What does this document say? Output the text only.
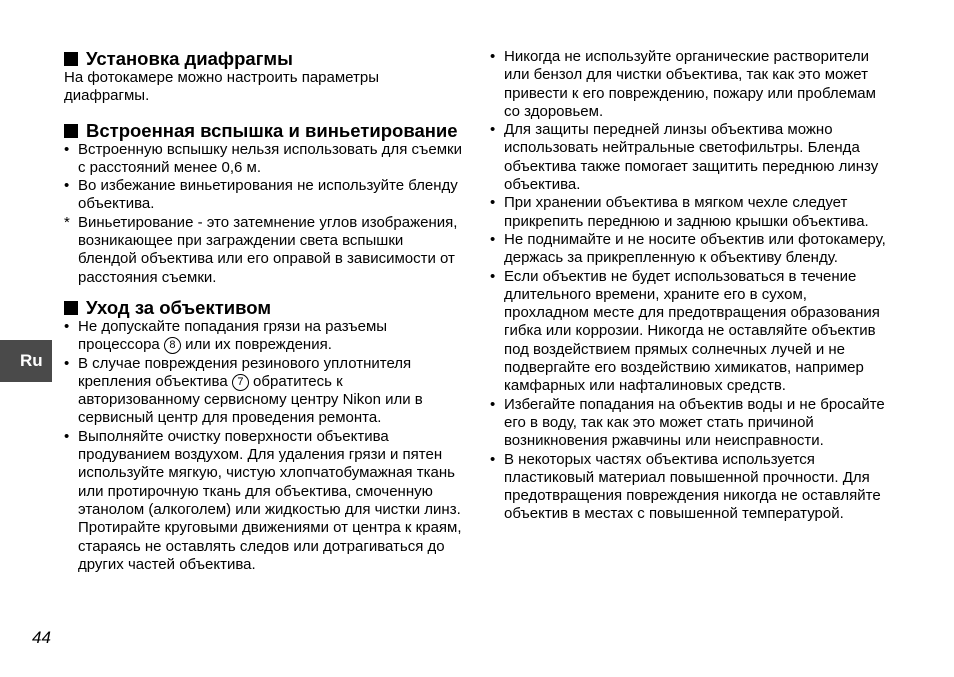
Установка диафрагмы

На фотокамере можно настроить параметры диафрагмы.

Встроенная вспышка и виньетирование
• Встроенную вспышку нельзя использовать для съемки с расстояний менее 0,6 м.
• Во избежание виньетирования не используйте бленду объектива.
* Виньетирование - это затемнение углов изображения, возникающее при заграждении света вспышки блендой объектива или его оправой в зависимости от расстояния съемки.
Уход за объективом
• Не допускайте попадания грязи на разъемы процессора 8 или их повреждения.
• В случае повреждения резинового уплотнителя крепления объектива 7 обратитесь к авторизованному сервисному центру Nikon или в сервисный центр для проведения ремонта.
• Выполняйте очистку поверхности объектива продуванием воздухом. Для удаления грязи и пятен используйте мягкую, чистую хлопчатобумажная ткань или протирочную ткань для объектива, смоченную этанолом (алкоголем) или жидкостью для чистки линз. Протирайте круговыми движениями от центра к краям, стараясь не оставлять следов или дотрагиваться до других частей объектива.
• Никогда не используйте органические растворители или бензол для чистки объектива, так как это может привести к его повреждению, пожару или проблемам со здоровьем.
• Для защиты передней линзы объектива можно использовать нейтральные светофильтры. Бленда объектива также помогает защитить переднюю линзу объектива.
• При хранении объектива в мягком чехле следует прикрепить переднюю и заднюю крышки объектива.
• Не поднимайте и не носите объектив или фотокамеру, держась за прикрепленную к объективу бленду.
• Если объектив не будет использоваться в течение длительного времени, храните его в сухом, прохладном месте для предотвращения образования гибка или коррозии. Никогда не оставляйте объектив под воздействием прямых солнечных лучей и не подвергайте его воздействию химикатов, например камфарных или нафталиновых средств.
• Избегайте попадания на объектив воды и не бросайте его в воду, так как это может стать причиной возникновения ржавчины или неисправности.
• В некоторых частях объектива используется пластиковый материал повышенной прочности. Для предотвращения повреждения никогда не оставляйте объектив в местах с повышенной температурой.
Ru
44
